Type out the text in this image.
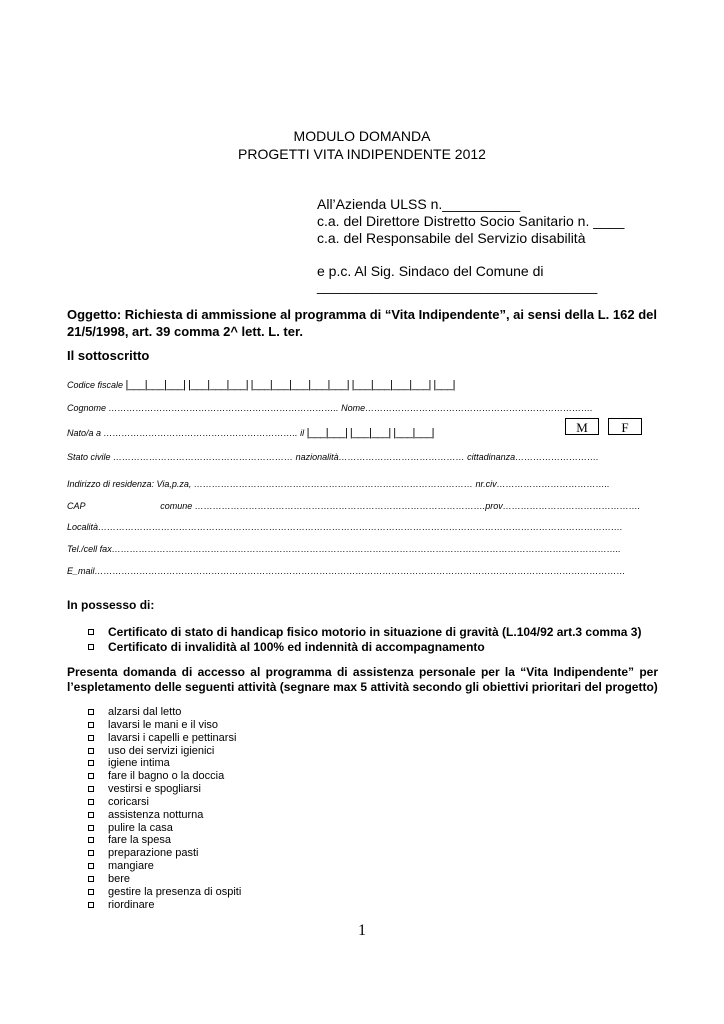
MODULO DOMANDA
PROGETTI VITA INDIPENDENTE 2012
All’Azienda ULSS n.__________
c.a. del Direttore Distretto Socio Sanitario n. ____
c.a. del Responsabile del Servizio disabilità
e p.c. Al Sig. Sindaco del Comune di
____________________________________
Oggetto: Richiesta di ammissione al programma di “Vita Indipendente”, ai sensi della L. 162 del 21/5/1998, art. 39 comma 2^ lett. L. ter.
Il sottoscritto
Codice fiscale |___|___|___| |___|___|___| |___|___|___|___|___| |___|___|___|___| |___|
Cognome ………………………………………………………………….. Nome………………………………………………………………….
Nato/a a ……………………………………………………….. il |___|___| |___|___| |___|___|	M	F
Stato civile …………………………………………………… nazionalità…………………………………… cittadinanza……………………….
Indirizzo di residenza: Via,p.za, ………………………………………………………………………………… nr.civ………………………………..
CAP	comune …………………………………………………………………………………….prov……………………………………….
Località………………………………………………………………………………………………………………………………………………………….
Tel./cell fax……………………………………………………………………………………………………………………………………………………..
E_mail……………………………………………………………………………………………………………………………………………………………
In possesso di:
Certificato di stato di handicap fisico motorio in situazione di gravità (L.104/92 art.3 comma 3)
Certificato di invalidità al 100% ed indennità di accompagnamento
Presenta domanda di accesso al programma di assistenza personale per la “Vita Indipendente” per l’espletamento delle seguenti attività (segnare max 5 attività secondo gli obiettivi prioritari del progetto)
alzarsi dal letto
lavarsi le mani e il viso
lavarsi i capelli e pettinarsi
uso dei servizi igienici
igiene intima
fare il bagno o la doccia
vestirsi e spogliarsi
coricarsi
assistenza notturna
pulire la casa
fare la spesa
preparazione pasti
mangiare
bere
gestire la presenza di ospiti
riordinare
1
